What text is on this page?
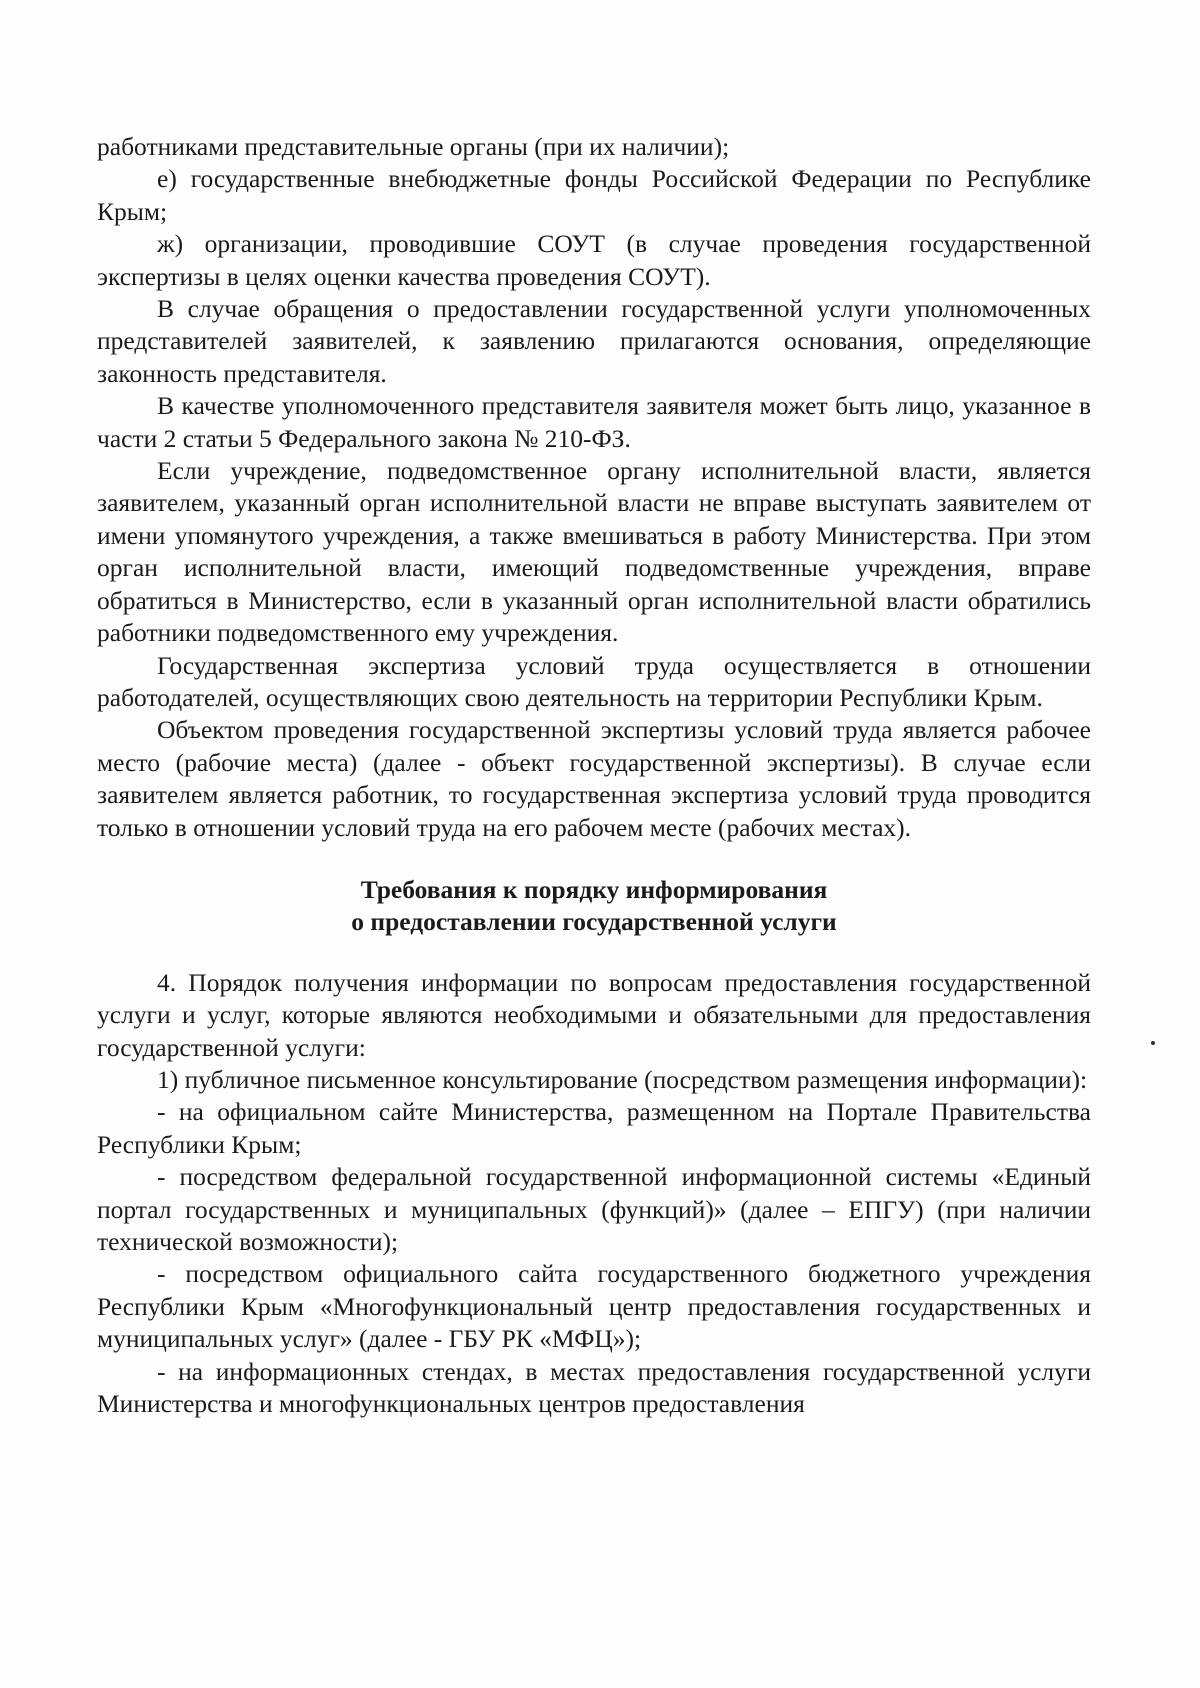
работниками представительные органы (при их наличии);

е) государственные внебюджетные фонды Российской Федерации по Республике Крым;

ж) организации, проводившие СОУТ (в случае проведения государственной экспертизы в целях оценки качества проведения СОУТ).

В случае обращения о предоставлении государственной услуги уполномоченных представителей заявителей, к заявлению прилагаются основания, определяющие законность представителя.

В качестве уполномоченного представителя заявителя может быть лицо, указанное в части 2 статьи 5 Федерального закона № 210-ФЗ.

Если учреждение, подведомственное органу исполнительной власти, является заявителем, указанный орган исполнительной власти не вправе выступать заявителем от имени упомянутого учреждения, а также вмешиваться в работу Министерства. При этом орган исполнительной власти, имеющий подведомственные учреждения, вправе обратиться в Министерство, если в указанный орган исполнительной власти обратились работники подведомственного ему учреждения.

Государственная экспертиза условий труда осуществляется в отношении работодателей, осуществляющих свою деятельность на территории Республики Крым.

Объектом проведения государственной экспертизы условий труда является рабочее место (рабочие места) (далее - объект государственной экспертизы). В случае если заявителем является работник, то государственная экспертиза условий труда проводится только в отношении условий труда на его рабочем месте (рабочих местах).

Требования к порядку информирования
о предоставлении государственной услуги

4. Порядок получения информации по вопросам предоставления государственной услуги и услуг, которые являются необходимыми и обязательными для предоставления государственной услуги:

1) публичное письменное консультирование (посредством размещения информации):

- на официальном сайте Министерства, размещенном на Портале Правительства Республики Крым;

- посредством федеральной государственной информационной системы «Единый портал государственных и муниципальных (функций)» (далее – ЕПГУ) (при наличии технической возможности);

- посредством официального сайта государственного бюджетного учреждения Республики Крым «Многофункциональный центр предоставления государственных и муниципальных услуг» (далее - ГБУ РК «МФЦ»);

- на информационных стендах, в местах предоставления государственной услуги Министерства и многофункциональных центров предоставления
